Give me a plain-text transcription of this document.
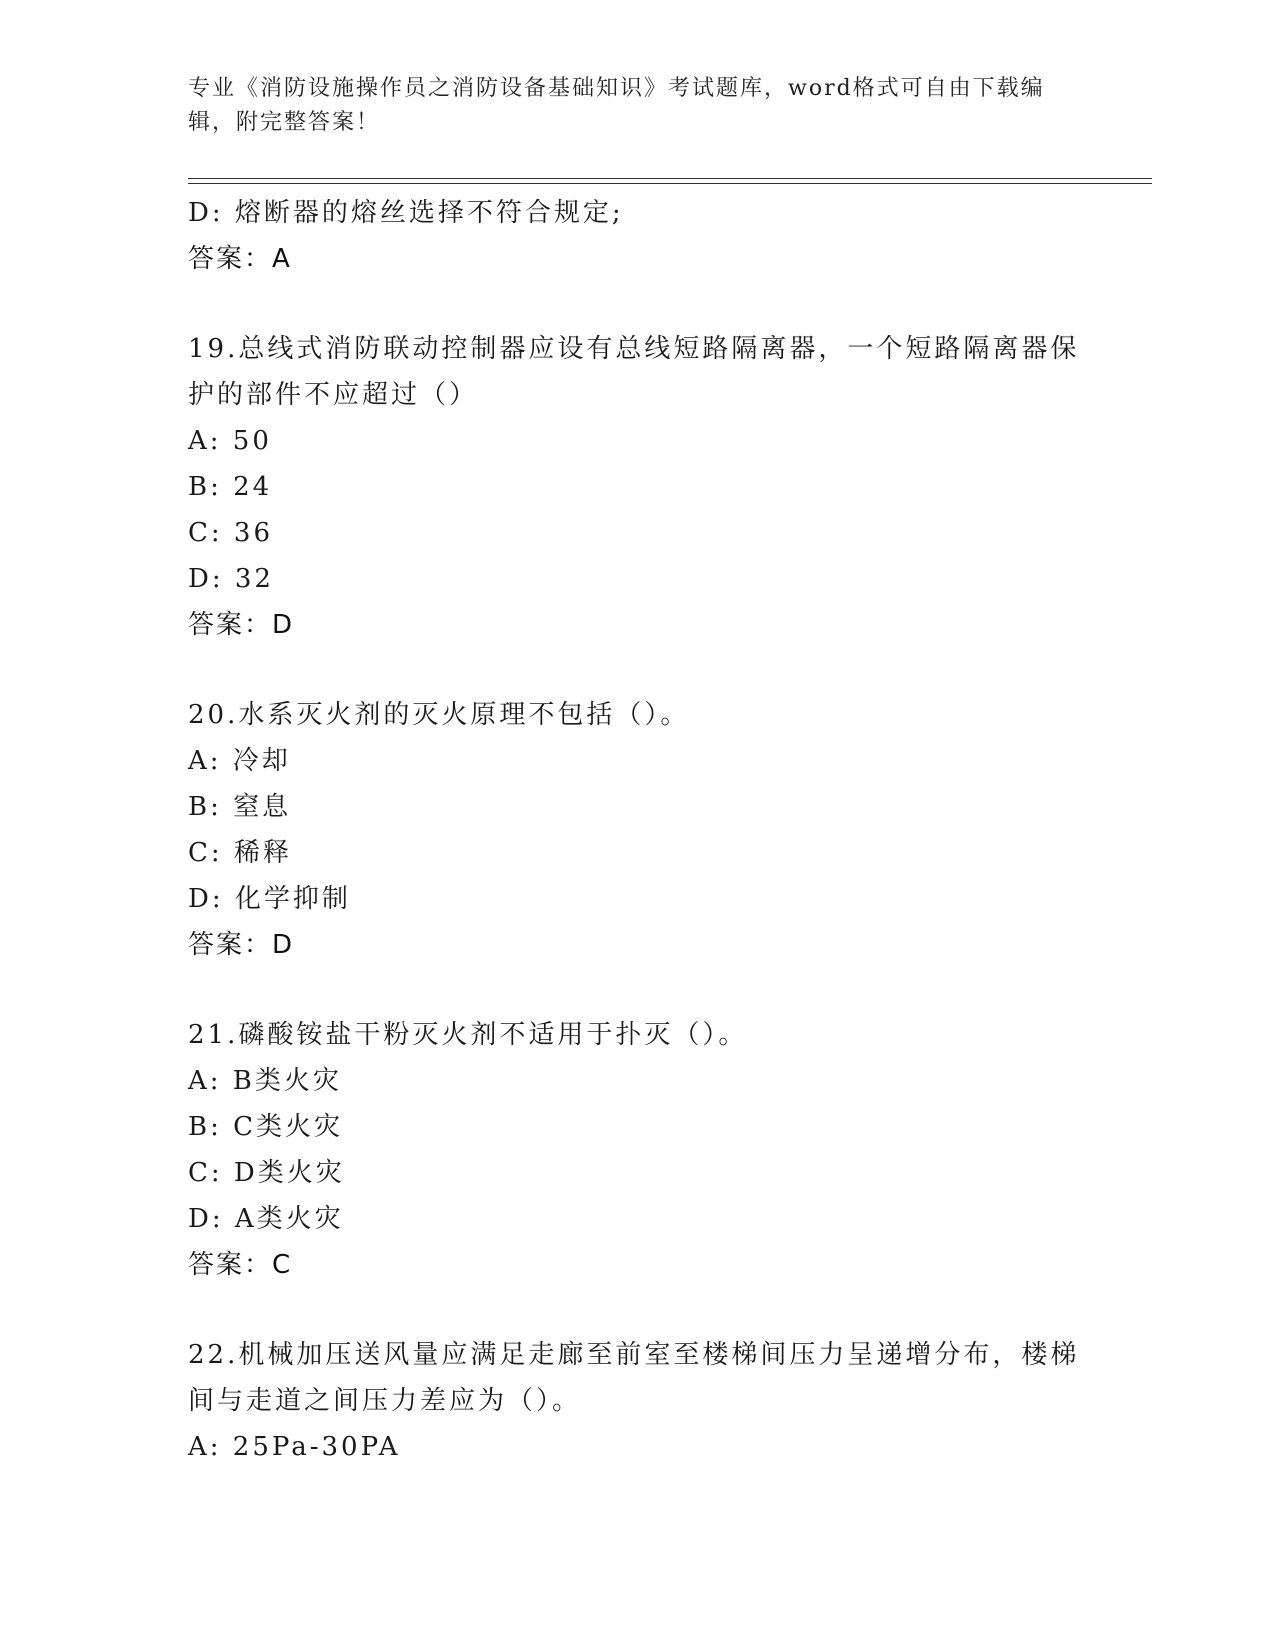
专业《消防设施操作员之消防设备基础知识》考试题库，word格式可自由下载编辑，附完整答案！
D: 熔断器的熔丝选择不符合规定;
答案：A
19.总线式消防联动控制器应设有总线短路隔离器，一个短路隔离器保护的部件不应超过（）
A: 50
B: 24
C: 36
D: 32
答案：D
20.水系灭火剂的灭火原理不包括（）。
A: 冷却
B: 窒息
C: 稀释
D: 化学抑制
答案：D
21.磷酸铵盐干粉灭火剂不适用于扑灭（）。
A: B类火灾
B: C类火灾
C: D类火灾
D: A类火灾
答案：C
22.机械加压送风量应满足走廊至前室至楼梯间压力呈递增分布，楼梯间与走道之间压力差应为（）。
A: 25Pa-30PA
